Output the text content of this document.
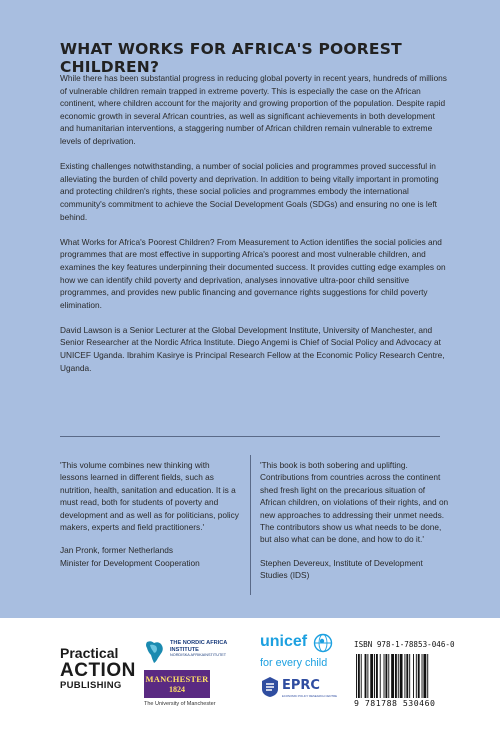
WHAT WORKS FOR AFRICA'S POOREST CHILDREN?

While there has been substantial progress in reducing global poverty in recent years, hundreds of millions of vulnerable children remain trapped in extreme poverty. This is especially the case on the African continent, where children account for the majority and growing proportion of the population. Despite rapid economic growth in several African countries, as well as significant achievements in both development and humanitarian interventions, a staggering number of African children remain vulnerable to extreme levels of deprivation.

Existing challenges notwithstanding, a number of social policies and programmes proved successful in alleviating the burden of child poverty and deprivation. In addition to being vitally important in promoting and protecting children's rights, these social policies and programmes embody the international community's commitment to achieve the Social Development Goals (SDGs) and ensuring no one is left behind.

What Works for Africa's Poorest Children? From Measurement to Action identifies the social policies and programmes that are most effective in supporting Africa's poorest and most vulnerable children, and examines the key features underpinning their documented success. It provides cutting edge examples on how we can identify child poverty and deprivation, analyses innovative ultra-poor child sensitive programmes, and provides new public financing and governance rights suggestions for child poverty elimination.

David Lawson is a Senior Lecturer at the Global Development Institute, University of Manchester, and Senior Researcher at the Nordic Africa Institute. Diego Angemi is Chief of Social Policy and Advocacy at UNICEF Uganda. Ibrahim Kasirye is Principal Research Fellow at the Economic Policy Research Centre, Uganda.

'This volume combines new thinking with lessons learned in different fields, such as nutrition, health, sanitation and education. It is a must read, both for students of poverty and development and as well as for politicians, policy makers, experts and field practitioners.'

Jan Pronk, former Netherlands

Minister for Development Cooperation

'This book is both sobering and uplifting. Contributions from countries across the continent shed fresh light on the precarious situation of African children, on violations of their rights, and on new approaches to addressing their unmet needs. The contributors show us what needs to be done, but also what can be done, and how to do it.'

Stephen Devereux, Institute of Development Studies (IDS)

Practical
ACTION
PUBLISHING
THE NORDIC AFRICA INSTITUTE
NORDISKA AFRIKAINSTITUTET
MANCHESTER
1824
The University of Manchester
unicef
for every child
EPRC
ECONOMIC POLICY RESEARCH CENTRE
ISBN 978-1-78853-046-0
9 781788 530460
